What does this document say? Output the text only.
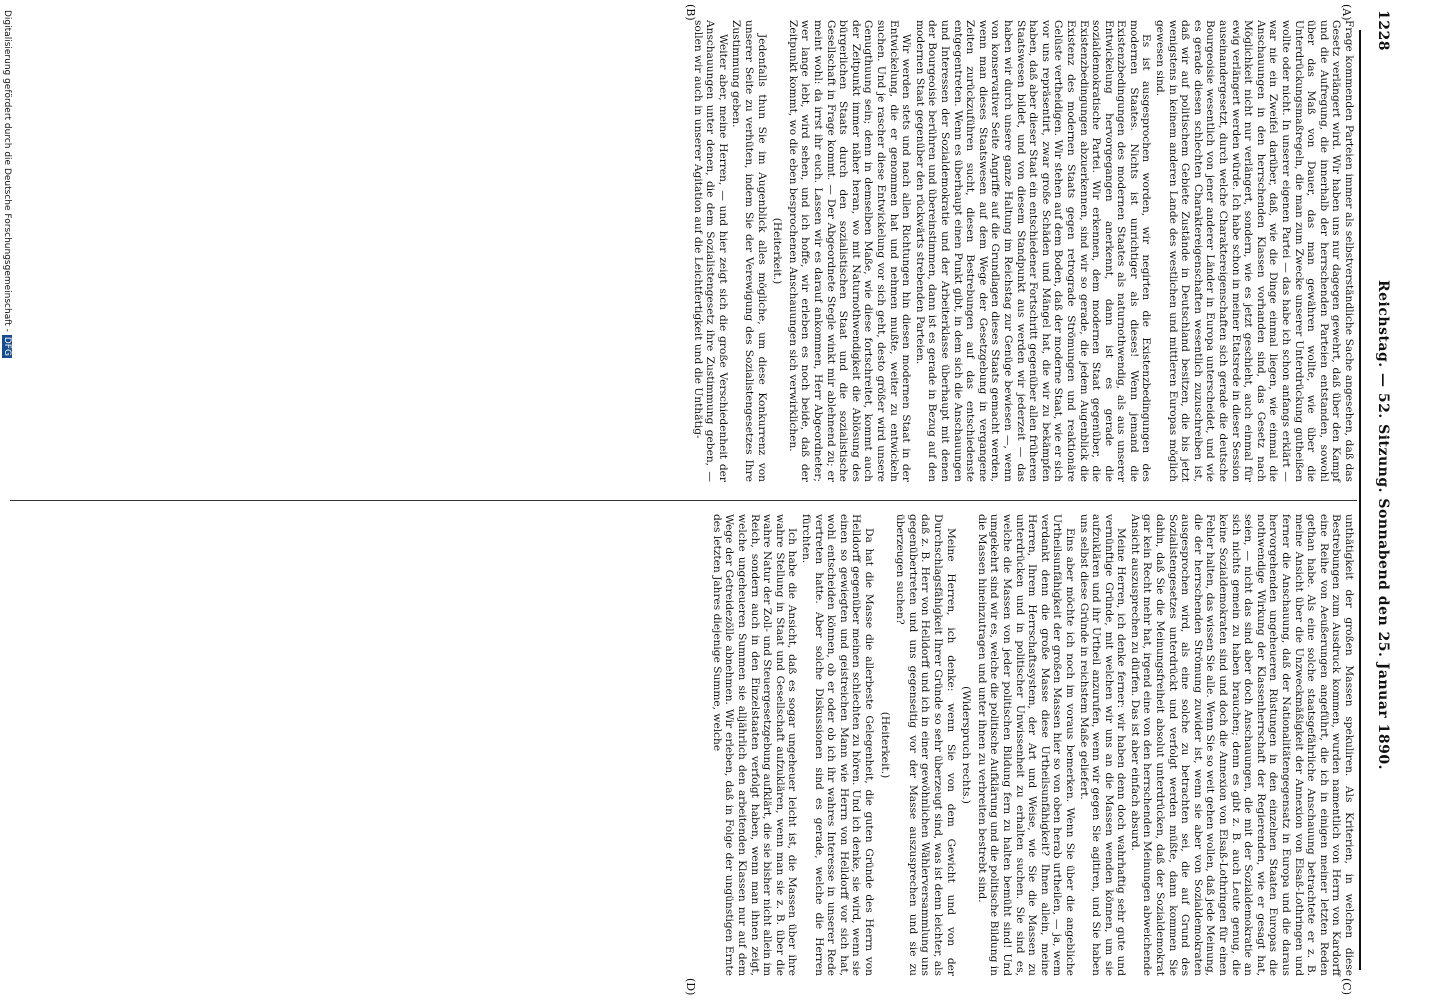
1228
Reichstag. — 52. Sitzung. Sonnabend den 25. Januar 1890.
(A)
(B)
(C)
(D)

Frage kommenden Parteien immer als selbstverständliche Sache angesehen, daß das Gesetz verlängert wird. Wir haben uns nur dagegen gewehrt, daß über den Kampf und die Aufregung, die innerhalb der herrschenden Parteien entstanden, sowohl über das Maß von Dauer, das man gewähren wollte, wie über die Unterdrückungsmaßregeln, die man zum Zwecke unserer Unterdrückung gutheißen wollte oder nicht. In unserer eigenen Partei — das habe ich schon anfangs erklärt — war nie ein Zweifel darüber, daß, wie die Dinge einmal liegen, wie einmal die Anschauungen in den herrschenden Klassen vorhanden sind, das Gesetz nach Möglichkeit nicht nur verlängert, sondern, wie es jetzt geschieht, auch einmal für ewig verlängert werden würde. Ich habe schon in meiner Etatsrede in dieser Session auseinandergesetzt, durch welche Charaktereigenschaften sich gerade die deutsche Bourgeoisie wesentlich von jener anderer Länder in Europa unterscheidet, und wie es gerade diesen schlechten Charaktereigenschaften wesentlich zuzuschreiben ist, daß wir auf politischem Gebiete Zustände in Deutschland besitzen, die bis jetzt wenigstens in keinem anderen Lande des westlichen und mittleren Europas möglich gewesen sind.

Es ist ausgesprochen worden, wir negirten die Existenzbedingungen des modernen Staates. Nichts ist unrichtiger als dieses! Wenn jemand die Existenzbedingungen des modernen Staates als naturnothwendig, als aus unserer Entwickelung hervorgegangen anerkennt, dann ist es gerade die sozialdemokratische Partei. Wir erkennen, dem modernen Staat gegenüber, die Existenzbedingungen abzuerkennen, sind wir so gerade, die jedem Augenblick die Existenz des modernen Staats gegen retrograde Strömungen und reaktionäre Gelüste vertheidigen. Wir stehen auf dem Boden, daß der moderne Staat, wie er sich vor uns repräsentirt, zwar große Schäden und Mängel hat, die wir zu bekämpfen haben, daß aber dieser Staat ein entschiedener Fortschritt gegenüber allen früheren Staatswesen bildet, und von diesem Standpunkt aus werden wir jederzeit — das haben wir durch unsere ganze Haltung im Reichstag zur Genüge bewiesen —, wenn von konservativer Seite Angriffe auf die Grundlagen dieses Staats gemacht werden, wenn man dieses Staatswesen auf dem Wege der Gesetzgebung in vergangene Zeiten zurückzuführen sucht, diesen Bestrebungen auf das entschiedenste entgegentreten. Wenn es überhaupt einen Punkt gibt, in dem sich die Anschauungen und Interessen der Sozialdemokratie und der Arbeiterklasse überhaupt mit denen der Bourgeoisie berühren und übereinstimmen, dann ist es gerade in Bezug auf den modernen Staat gegenüber den rückwärts strebenden Parteien.

Wir werden stets und nach allen Richtungen hin diesen modernen Staat in der Entwickelung, die er genommen hat und nehmen mußte, weiter zu entwickeln suchen. Und je rascher diese Entwickelung vor sich geht, desto größer wird unsere Genugthuung sein; denn in demselben Maße, wie diese fortschreitet, kommt auch der Zeitpunkt immer näher heran, wo mit Naturnothwendigkeit die Ablösung des bürgerlichen Staats durch den sozialistischen Staat und die sozialistische Gesellschaft in Frage kommt. — Der Abgeordnete Stegle winkt mir ablehnend zu; er meint wohl: da irrst ihr euch. Lassen wir es darauf ankommen, Herr Abgeordneter; wer lange lebt, wird sehen, und ich hoffe, wir erleben es noch beide, daß der Zeitpunkt kommt, wo die eben besprochenen Anschauungen sich verwirklichen.

(Heiterkeit.)

Jedenfalls thun Sie im Augenblick alles mögliche, um diese Konkurrenz von unserer Seite zu verhüten, indem Sie der Verewigung des Sozialistengesetzes Ihre Zustimmung geben.

Weiter aber, meine Herren, — und hier zeigt sich die große Verschiedenheit der Anschauungen unter denen, die dem Sozialistengesetz ihre Zustimmung geben, — sollen wir auch in unserer Agitation auf die Leichtfertigkeit und die Unthätig-

unthätigkeit der großen Massen spekuliren. Als Kriterien, in welchen diese Bestrebungen zum Ausdruck kommen, wurden namentlich von Herrn von Kardorff eine Reihe von Aeußerungen angeführt, die ich in einigen meiner letzten Reden gethan habe. Als eine solche staatsgefährliche Anschauung betrachtete er z. B. meine Ansicht über die Unzweckmäßigkeit der Annexion von Elsaß-Lothringen und ferner die Anschauung, daß der Nationalitätengegensatz in Europa und die daraus hervorgehenden ungeheueren Rüstungen in den einzelnen Staaten Europas die nothwendige Wirkung der Klassenherrschaft der Regierenden, wie er gesagt hat, seien, — nicht das sind aber doch Anschauungen, die mit der Sozialdemokratie an sich nichts gemein zu haben brauchen; denn es gibt z. B. auch Leute genug, die keine Sozialdemokraten sind und doch die Annexion von Elsaß-Lothringen für einen Fehler halten, das wissen Sie alle. Wenn Sie so weit gehen wollen, daß jede Meinung, die der herrschenden Strömung zuwider ist, wenn sie aber von Sozialdemokraten ausgesprochen wird, als eine solche zu betrachten sei, die auf Grund des Sozialistengesetzes unterdrückt und verfolgt werden müßte, dann kommen Sie dahin, daß Sie die Meinungsfreiheit absolut unterdrücken, daß der Sozialdemokrat gar kein Recht mehr hat, irgend eine von den herrschenden Meinungen abweichende Ansicht auszusprechen zu dürfen. Das ist aber einfach absurd.

Meine Herren, ich denke ferner: wir haben denn doch wahrhaftig sehr gute und vernünftige Gründe, mit welchen wir uns an die Massen wenden können, um sie aufzuklären und ihr Urtheil anzurufen, wenn wir gegen Sie agitiren, und Sie haben uns selbst diese Gründe in reichstem Maße geliefert.

Eins aber möchte ich noch im voraus bemerken. Wenn Sie über die angebliche Urtheilsunfähigkeit der großen Massen hier so von oben herab urtheilen, — ja, wem verdankt denn die große Masse diese Urtheilsunfähigkeit? Ihnen allein, meine Herren, Ihrem Herrschaftssystem, der Art und Weise, wie Sie die Massen zu unterdrücken und in politischer Unwissenheit zu erhalten suchen. Sie sind es, welche die Massen von jeder politischen Bildung fern zu halten bemüht sind! Und umgekehrt sind wir es, welche die politische Aufklärung und die politische Bildung in die Massen hineinzutragen und unter ihnen zu verbreiten bestrebt sind.

(Widerspruch rechts.)

Meine Herren, ich denke: wenn Sie von dem Gewicht und von der Durchschlagsfähigkeit Ihrer Gründe so sehr überzeugt sind, was ist denn leichter, als daß z. B. Herr von Helldorff und ich in einer gewöhnlichen Wählerversammlung uns gegenübertreten und uns gegenseitig vor der Masse auszusprechen und sie zu überzeugen suchen?

(Heiterkeit.)

Da hat die Masse die allerbeste Gelegenheit, die guten Gründe des Herrn von Helldorff gegenüber meinen schlechten zu hören. Und ich denke, sie wird, wenn sie einen so gewiegten und geistreichen Mann wie Herrn von Helldorff vor sich hat, wohl entscheiden können, ob er oder ob ich ihr wahres Interesse in unserer Rede vertreten hatte. Aber solche Diskussionen sind es gerade, welche die Herren fürchten.

Ich habe die Ansicht, daß es sogar ungeheuer leicht ist, die Massen über ihre wahre Stellung in Staat und Gesellschaft aufzuklären, wenn man sie z. B. über die wahre Natur der Zoll- und Steuergesetzgebung aufklärt, die sie bisher nicht allein im Reich, sondern auch in den Einzelstaaten verfolgt haben, wenn man ihnen zeigt, welche ungeheueren Summen sie alljährlich den arbeitenden Klassen nur auf dem Wege der Getreidezölle abnehmen. Wir erleben, daß in Folge der ungünstigen Ernte des letzten Jahres diejenige Summe, welche

Digitalisierung gefördert durch die Deutsche Forschungsgemeinschaft -DFG
